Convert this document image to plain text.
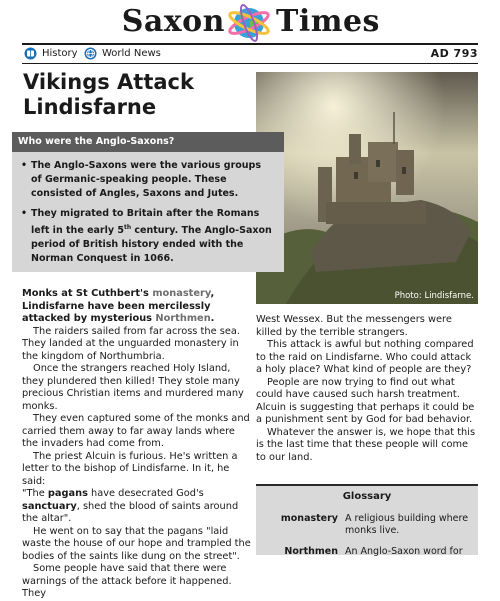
Saxon Times
History World News	AD 793
Vikings Attack
Lindisfarne
Photo: Lindisfarne.
Who were the Anglo-Saxons?
• The Anglo-Saxons were the various groups of Germanic-speaking people. These consisted of Angles, Saxons and Jutes.
• They migrated to Britain after the Romans left in the early 5th century. The Anglo-Saxon period of British history ended with the Norman Conquest in 1066.

Monks at St Cuthbert's monastery, Lindisfarne have been mercilessly attacked by mysterious Northmen.

The raiders sailed from far across the sea. They landed at the unguarded monastery in the kingdom of Northumbria.

Once the strangers reached Holy Island, they plundered then killed! They stole many precious Christian items and murdered many monks.

They even captured some of the monks and carried them away to far away lands where the invaders had come from.

The priest Alcuin is furious. He's written a letter to the bishop of Lindisfarne. In it, he said:

"The pagans have desecrated God's sanctuary, shed the blood of saints around the altar".

He went on to say that the pagans "laid waste the house of our hope and trampled the bodies of the saints like dung on the street".

Some people have said that there were warnings of the attack before it happened. They

West Wessex. But the messengers were killed by the terrible strangers.

This attack is awful but nothing compared to the raid on Lindisfarne. Who could attack a holy place? What kind of people are they?

People are now trying to find out what could have caused such harsh treatment. Alcuin is suggesting that perhaps it could be a punishment sent by God for bad behavior.

Whatever the answer is, we hope that this is the last time that these people will come to our land.

Glossary
monastery A religious building where monks live.
Northmen An Anglo-Saxon word for
